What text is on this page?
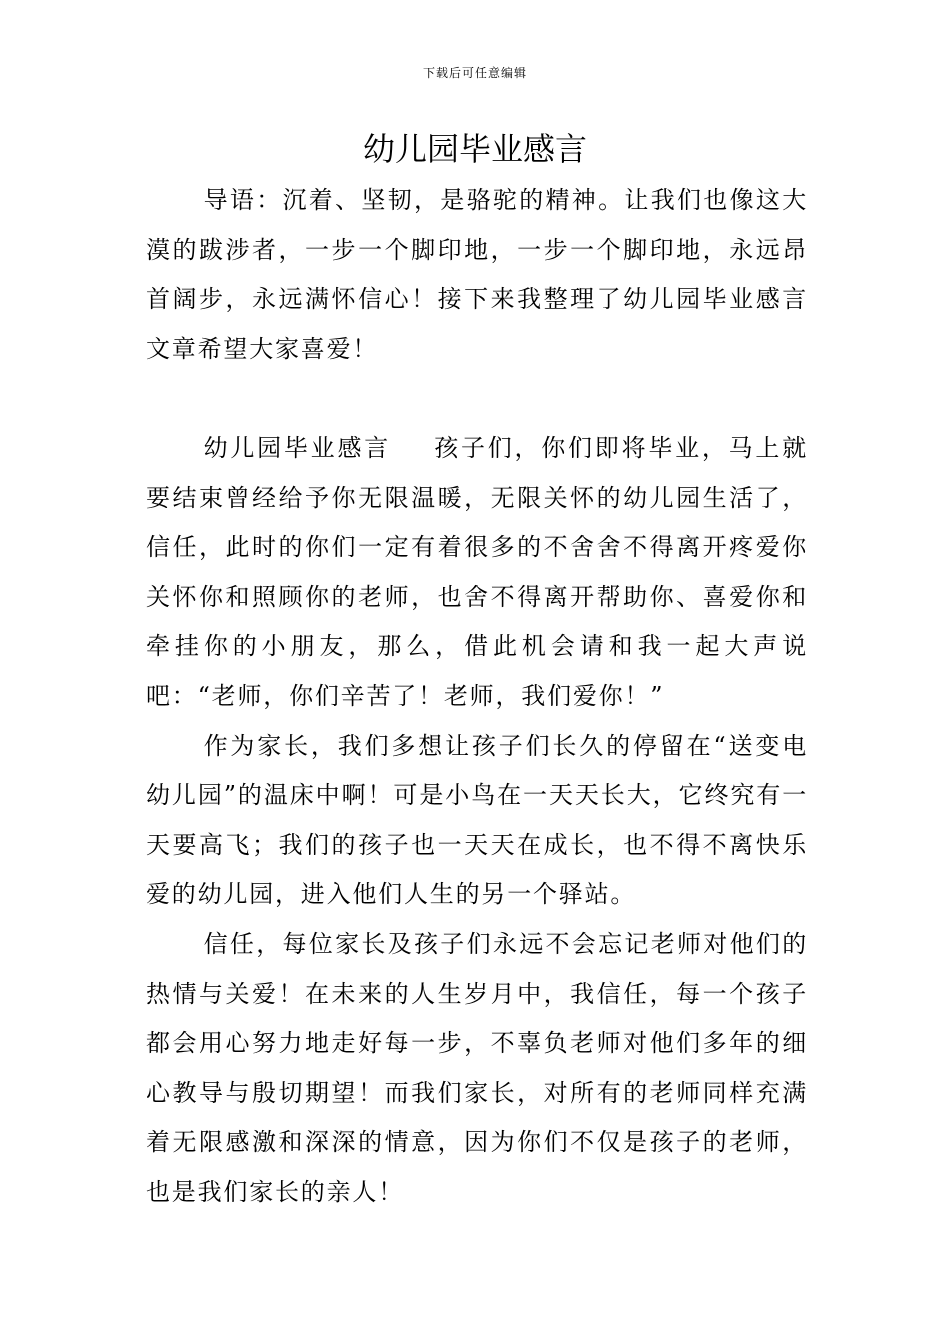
下载后可任意编辑
幼儿园毕业感言

导语：沉着、坚韧，是骆驼的精神。让我们也像这大漠的跋涉者，一步一个脚印地，一步一个脚印地，永远昂首阔步，永远满怀信心！接下来我整理了幼儿园毕业感言文章希望大家喜爱！

幼儿园毕业感言 孩子们，你们即将毕业，马上就要结束曾经给予你无限温暖，无限关怀的幼儿园生活了，信任，此时的你们一定有着很多的不舍舍不得离开疼爱你关怀你和照顾你的老师，也舍不得离开帮助你、喜爱你和牵挂你的小朋友，那么，借此机会请和我一起大声说吧：“老师，你们辛苦了！老师，我们爱你！”

作为家长，我们多想让孩子们长久的停留在“送变电幼儿园”的温床中啊！可是小鸟在一天天长大，它终究有一天要高飞；我们的孩子也一天天在成长，也不得不离快乐爱的幼儿园，进入他们人生的另一个驿站。

信任，每位家长及孩子们永远不会忘记老师对他们的热情与关爱！在未来的人生岁月中，我信任，每一个孩子都会用心努力地走好每一步，不辜负老师对他们多年的细心教导与殷切期望！而我们家长，对所有的老师同样充满着无限感激和深深的情意，因为你们不仅是孩子的老师，也是我们家长的亲人！
